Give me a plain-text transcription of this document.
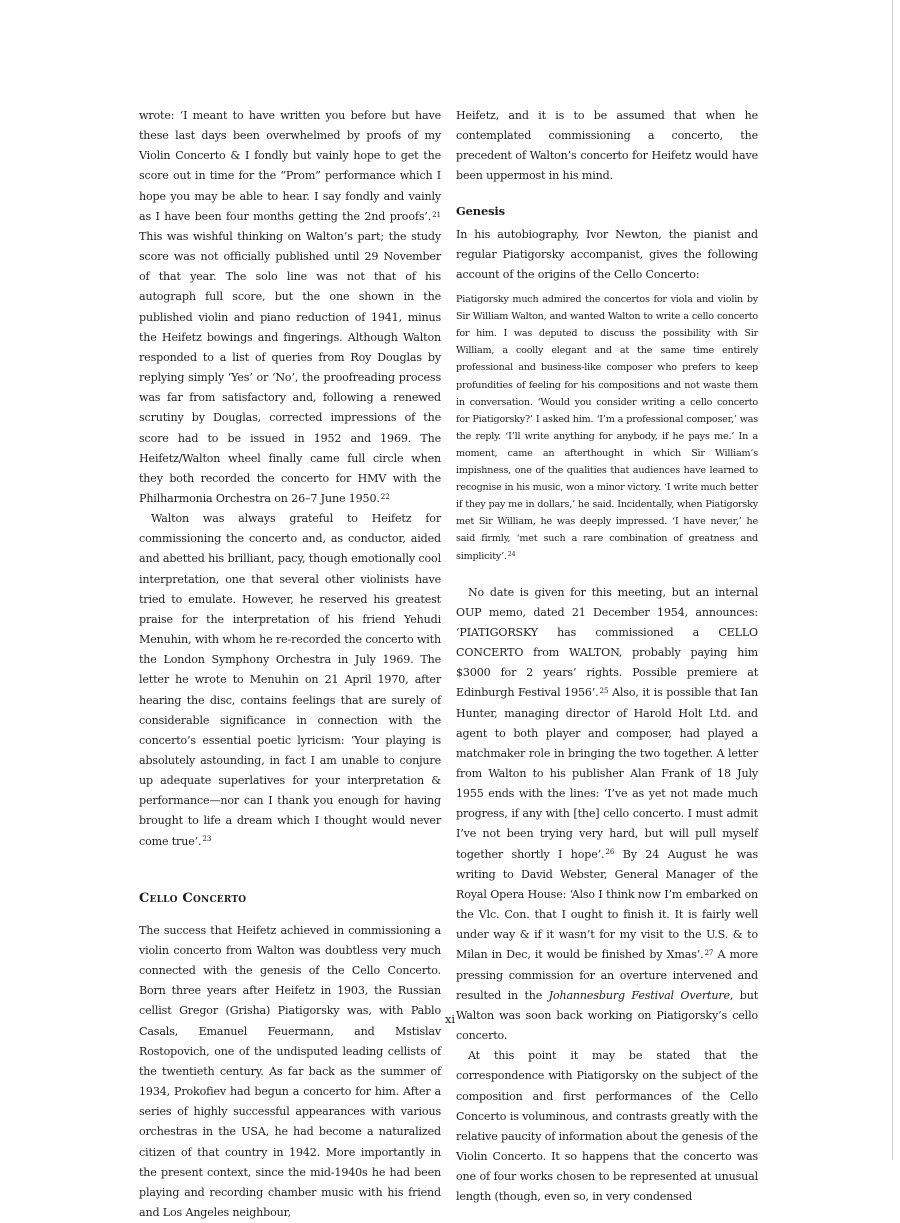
wrote: ‘I meant to have written you before but have these last days been overwhelmed by proofs of my Violin Concerto & I fondly but vainly hope to get the score out in time for the “Prom” performance which I hope you may be able to hear. I say fondly and vainly as I have been four months getting the 2nd proofs’.$^{21}$ This was wishful thinking on Walton’s part; the study score was not officially published until 29 November of that year. The solo line was not that of his autograph full score, but the one shown in the published violin and piano reduction of 1941, minus the Heifetz bowings and fingerings. Although Walton responded to a list of queries from Roy Douglas by replying simply ‘Yes’ or ‘No’, the proofreading process was far from satisfactory and, following a renewed scrutiny by Douglas, corrected impressions of the score had to be issued in 1952 and 1969. The Heifetz/Walton wheel finally came full circle when they both recorded the concerto for HMV with the Philharmonia Orchestra on 26–7 June 1950.22

Walton was always grateful to Heifetz for commissioning the concerto and, as conductor, aided and abetted his brilliant, pacy, though emotionally cool interpretation, one that several other violinists have tried to emulate. However, he reserved his greatest praise for the interpretation of his friend Yehudi Menuhin, with whom he re-recorded the concerto with the London Symphony Orchestra in July 1969. The letter he wrote to Menuhin on 21 April 1970, after hearing the disc, contains feelings that are surely of considerable significance in connection with the concerto’s essential poetic lyricism: ‘Your playing is absolutely astounding, in fact I am unable to conjure up adequate superlatives for your interpretation & performance—nor can I thank you enough for having brought to life a dream which I thought would never come true’.$^{23}$

Cello Concerto

The success that Heifetz achieved in commissioning a violin concerto from Walton was doubtless very much connected with the genesis of the Cello Concerto. Born three years after Heifetz in 1903, the Russian cellist Gregor (Grisha) Piatigorsky was, with Pablo Casals, Emanuel Feuermann, and Mstislav Rostopovich, one of the undisputed leading cellists of the twentieth century. As far back as the summer of 1934, Prokofiev had begun a concerto for him. After a series of highly successful appearances with various orchestras in the USA, he had become a naturalized citizen of that country in 1942. More importantly in the present context, since the mid-1940s he had been playing and recording chamber music with his friend and Los Angeles neighbour,

Heifetz, and it is to be assumed that when he contemplated commissioning a concerto, the precedent of Walton’s concerto for Heifetz would have been uppermost in his mind.

Genesis

In his autobiography, Ivor Newton, the pianist and regular Piatigorsky accompanist, gives the following account of the origins of the Cello Concerto:

Piatigorsky much admired the concertos for viola and violin by Sir William Walton, and wanted Walton to write a cello concerto for him. I was deputed to discuss the possibility with Sir William, a coolly elegant and at the same time entirely professional and business-like composer who prefers to keep profundities of feeling for his compositions and not waste them in conversation. ‘Would you consider writing a cello concerto for Piatigorsky?’ I asked him. ‘I’m a professional composer,’ was the reply. ‘I’ll write anything for anybody, if he pays me.’ In a moment, came an afterthought in which Sir William’s impishness, one of the qualities that audiences have learned to recognise in his music, won a minor victory. ‘I write much better if they pay me in dollars,’ he said. Incidentally, when Piatigorsky met Sir William, he was deeply impressed. ‘I have never,’ he said firmly, ‘met such a rare combination of greatness and simplicity’.$^{24}$

No date is given for this meeting, but an internal OUP memo, dated 21 December 1954, announces: ‘PIATIGORSKY has commissioned a CELLO CONCERTO from WALTON, probably paying him $3000 for 2 years’ rights. Possible premiere at Edinburgh Festival 1956’.$^{25}$ Also, it is possible that Ian Hunter, managing director of Harold Holt Ltd. and agent to both player and composer, had played a matchmaker role in bringing the two together. A letter from Walton to his publisher Alan Frank of 18 July 1955 ends with the lines: ‘I’ve as yet not made much progress, if any with [the] cello concerto. I must admit I’ve not been trying very hard, but will pull myself together shortly I hope’.$^{26}$ By 24 August he was writing to David Webster, General Manager of the Royal Opera House: ‘Also I think now I’m embarked on the Vlc. Con. that I ought to finish it. It is fairly well under way & if it wasn’t for my visit to the U.S. & to Milan in Dec, it would be finished by Xmas’.$^{27}$ A more pressing commission for an overture intervened and resulted in the Johannesburg Festival Overture, but Walton was soon back working on Piatigorsky’s cello concerto.

At this point it may be stated that the correspondence with Piatigorsky on the subject of the composition and first performances of the Cello Concerto is voluminous, and contrasts greatly with the relative paucity of information about the genesis of the Violin Concerto. It so happens that the concerto was one of four works chosen to be represented at unusual length (though, even so, in very condensed

xi
